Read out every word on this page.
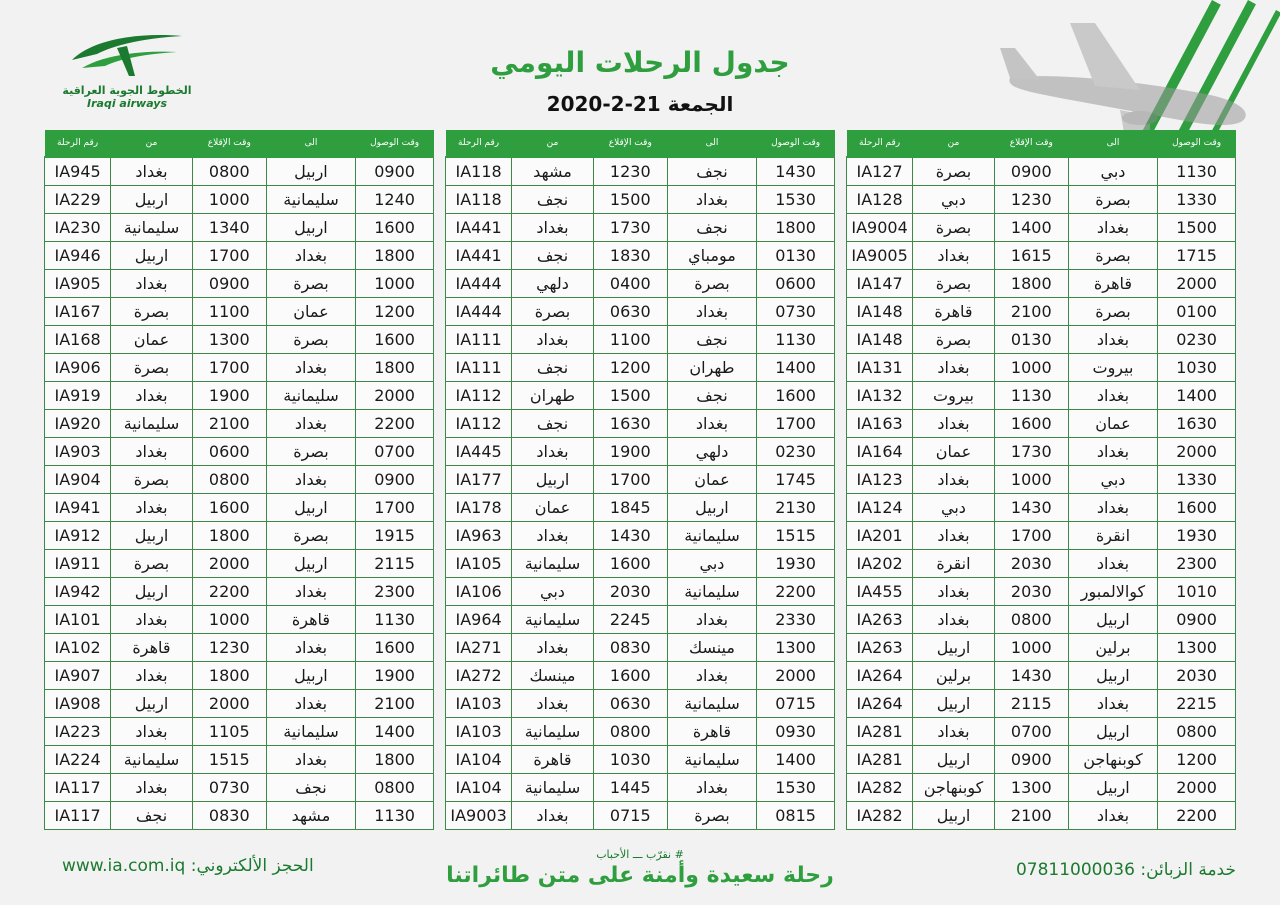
الخطوط الجوية العراقية
Iraqi airways
جدول الرحلات اليومي
الجمعة 21-2-2020
وقت الوصول	الى	وقت الإقلاع	من	رقم الرحلة
1130	دبي	0900	بصرة	IA127
1330	بصرة	1230	دبي	IA128
1500	بغداد	1400	بصرة	IA9004
1715	بصرة	1615	بغداد	IA9005
2000	قاهرة	1800	بصرة	IA147
0100	بصرة	2100	قاهرة	IA148
0230	بغداد	0130	بصرة	IA148
1030	بيروت	1000	بغداد	IA131
1400	بغداد	1130	بيروت	IA132
1630	عمان	1600	بغداد	IA163
2000	بغداد	1730	عمان	IA164
1330	دبي	1000	بغداد	IA123
1600	بغداد	1430	دبي	IA124
1930	انقرة	1700	بغداد	IA201
2300	بغداد	2030	انقرة	IA202
1010	كوالالمبور	2030	بغداد	IA455
0900	اربيل	0800	بغداد	IA263
1300	برلين	1000	اربيل	IA263
2030	اربيل	1430	برلين	IA264
2215	بغداد	2115	اربيل	IA264
0800	اربيل	0700	بغداد	IA281
1200	كوبنهاجن	0900	اربيل	IA281
2000	اربيل	1300	كوبنهاجن	IA282
2200	بغداد	2100	اربيل	IA282
وقت الوصول	الى	وقت الإقلاع	من	رقم الرحلة
1430	نجف	1230	مشهد	IA118
1530	بغداد	1500	نجف	IA118
1800	نجف	1730	بغداد	IA441
0130	مومباي	1830	نجف	IA441
0600	بصرة	0400	دلهي	IA444
0730	بغداد	0630	بصرة	IA444
1130	نجف	1100	بغداد	IA111
1400	طهران	1200	نجف	IA111
1600	نجف	1500	طهران	IA112
1700	بغداد	1630	نجف	IA112
0230	دلهي	1900	بغداد	IA445
1745	عمان	1700	اربيل	IA177
2130	اربيل	1845	عمان	IA178
1515	سليمانية	1430	بغداد	IA963
1930	دبي	1600	سليمانية	IA105
2200	سليمانية	2030	دبي	IA106
2330	بغداد	2245	سليمانية	IA964
1300	مينسك	0830	بغداد	IA271
2000	بغداد	1600	مينسك	IA272
0715	سليمانية	0630	بغداد	IA103
0930	قاهرة	0800	سليمانية	IA103
1400	سليمانية	1030	قاهرة	IA104
1530	بغداد	1445	سليمانية	IA104
0815	بصرة	0715	بغداد	IA9003
وقت الوصول	الى	وقت الإقلاع	من	رقم الرحلة
0900	اربيل	0800	بغداد	IA945
1240	سليمانية	1000	اربيل	IA229
1600	اربيل	1340	سليمانية	IA230
1800	بغداد	1700	اربيل	IA946
1000	بصرة	0900	بغداد	IA905
1200	عمان	1100	بصرة	IA167
1600	بصرة	1300	عمان	IA168
1800	بغداد	1700	بصرة	IA906
2000	سليمانية	1900	بغداد	IA919
2200	بغداد	2100	سليمانية	IA920
0700	بصرة	0600	بغداد	IA903
0900	بغداد	0800	بصرة	IA904
1700	اربيل	1600	بغداد	IA941
1915	بصرة	1800	اربيل	IA912
2115	اربيل	2000	بصرة	IA911
2300	بغداد	2200	اربيل	IA942
1130	قاهرة	1000	بغداد	IA101
1600	بغداد	1230	قاهرة	IA102
1900	اربيل	1800	بغداد	IA907
2100	بغداد	2000	اربيل	IA908
1400	سليمانية	1105	بغداد	IA223
1800	بغداد	1515	سليمانية	IA224
0800	نجف	0730	بغداد	IA117
1130	مشهد	0830	نجف	IA117
www.ia.com.iq :الحجز الألكتروني
# نقرّب ـــ الأحباب
رحلة سعيدة وأمنة على متن طائراتنا	خدمة الزبائن: 07811000036
